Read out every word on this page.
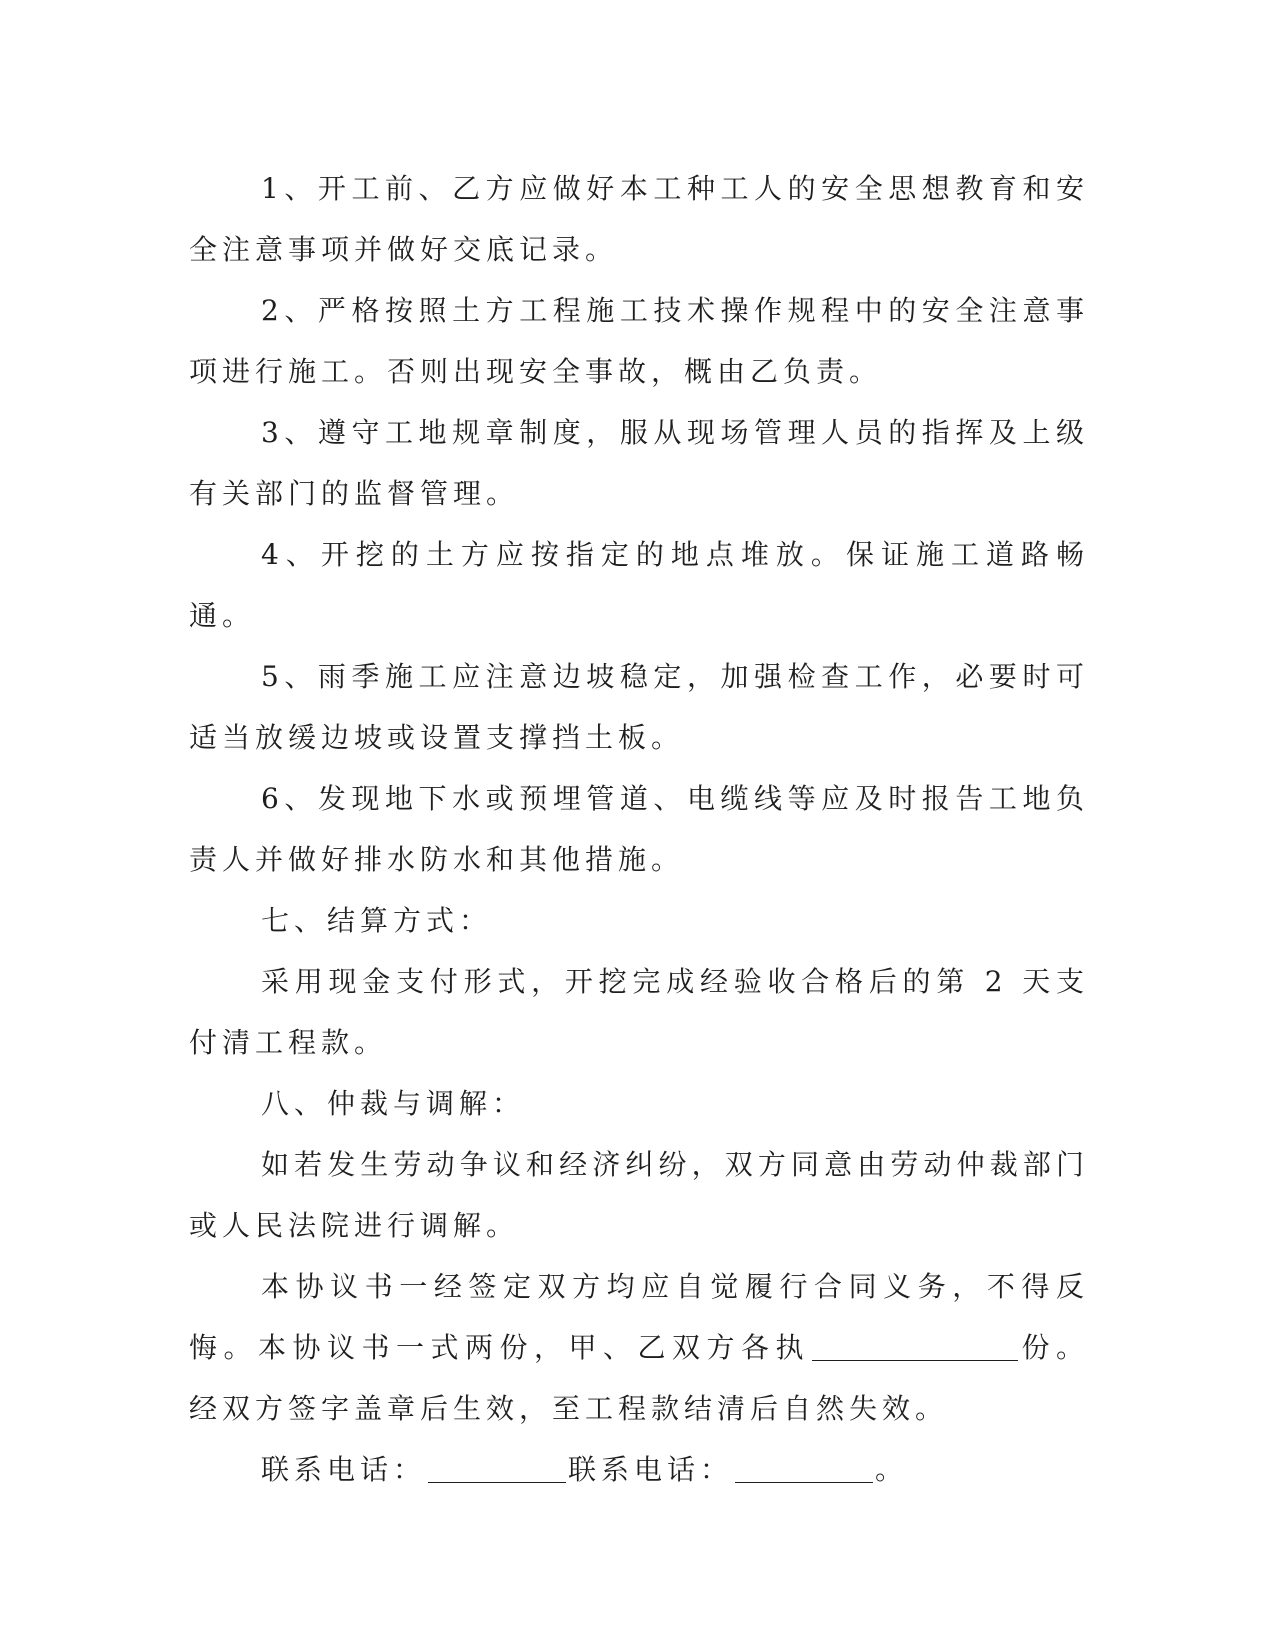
1、开工前、乙方应做好本工种工人的安全思想教育和安全注意事项并做好交底记录。

2、严格按照土方工程施工技术操作规程中的安全注意事项进行施工。否则出现安全事故，概由乙负责。

3、遵守工地规章制度，服从现场管理人员的指挥及上级有关部门的监督管理。

4、开挖的土方应按指定的地点堆放。保证施工道路畅通。

5、雨季施工应注意边坡稳定，加强检查工作，必要时可适当放缓边坡或设置支撑挡土板。

6、发现地下水或预埋管道、电缆线等应及时报告工地负责人并做好排水防水和其他措施。

七、结算方式：

采用现金支付形式，开挖完成经验收合格后的第 2 天支付清工程款。

八、仲裁与调解：

如若发生劳动争议和经济纠纷，双方同意由劳动仲裁部门或人民法院进行调解。

本协议书一经签定双方均应自觉履行合同义务，不得反悔。本协议书一式两份，甲、乙双方各执	份。经双方签字盖章后生效，至工程款结清后自然失效。

联系电话：	联系电话：	。
